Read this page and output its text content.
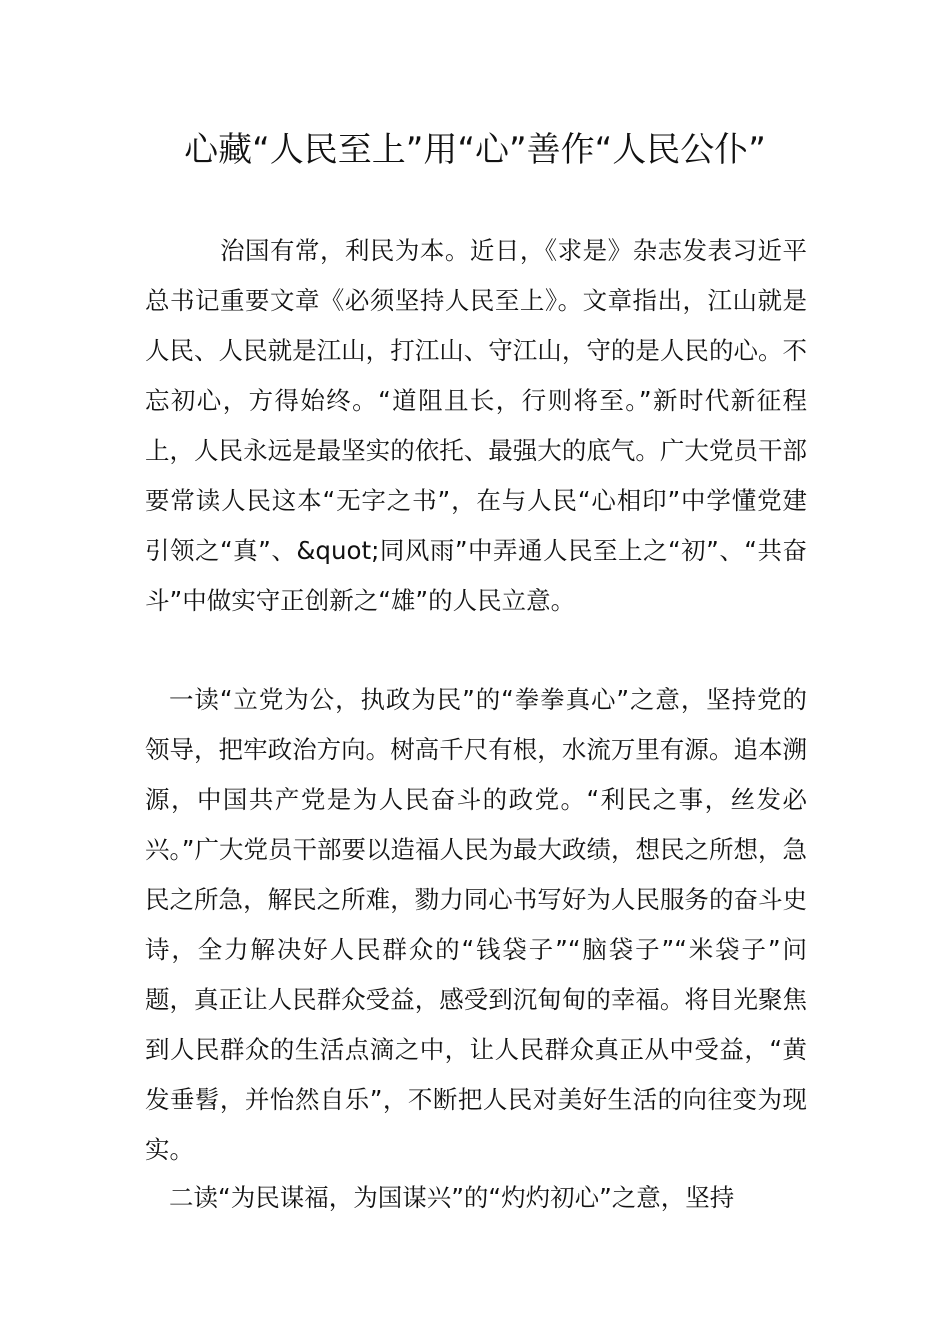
心藏“人民至上”用“心”善作“人民公仆”

治国有常，利民为本。近日，《求是》杂志发表习近平总书记重要文章《必须坚持人民至上》。文章指出，江山就是人民、人民就是江山，打江山、守江山，守的是人民的心。不忘初心，方得始终。“道阻且长，行则将至。”新时代新征程上，人民永远是最坚实的依托、最强大的底气。广大党员干部要常读人民这本“无字之书”，在与人民“心相印”中学懂党建引领之“真”、&quot;同风雨”中弄通人民至上之“初”、“共奋斗”中做实守正创新之“雄”的人民立意。

一读“立党为公，执政为民”的“拳拳真心”之意，坚持党的领导，把牢政治方向。树高千尺有根，水流万里有源。追本溯源，中国共产党是为人民奋斗的政党。“利民之事，丝发必兴。”广大党员干部要以造福人民为最大政绩，想民之所想，急民之所急，解民之所难，勠力同心书写好为人民服务的奋斗史诗，全力解决好人民群众的“钱袋子”“脑袋子”“米袋子”问题，真正让人民群众受益，感受到沉甸甸的幸福。将目光聚焦到人民群众的生活点滴之中，让人民群众真正从中受益，“黄发垂髫，并怡然自乐”，不断把人民对美好生活的向往变为现实。

二读“为民谋福，为国谋兴”的“灼灼初心”之意，坚持
